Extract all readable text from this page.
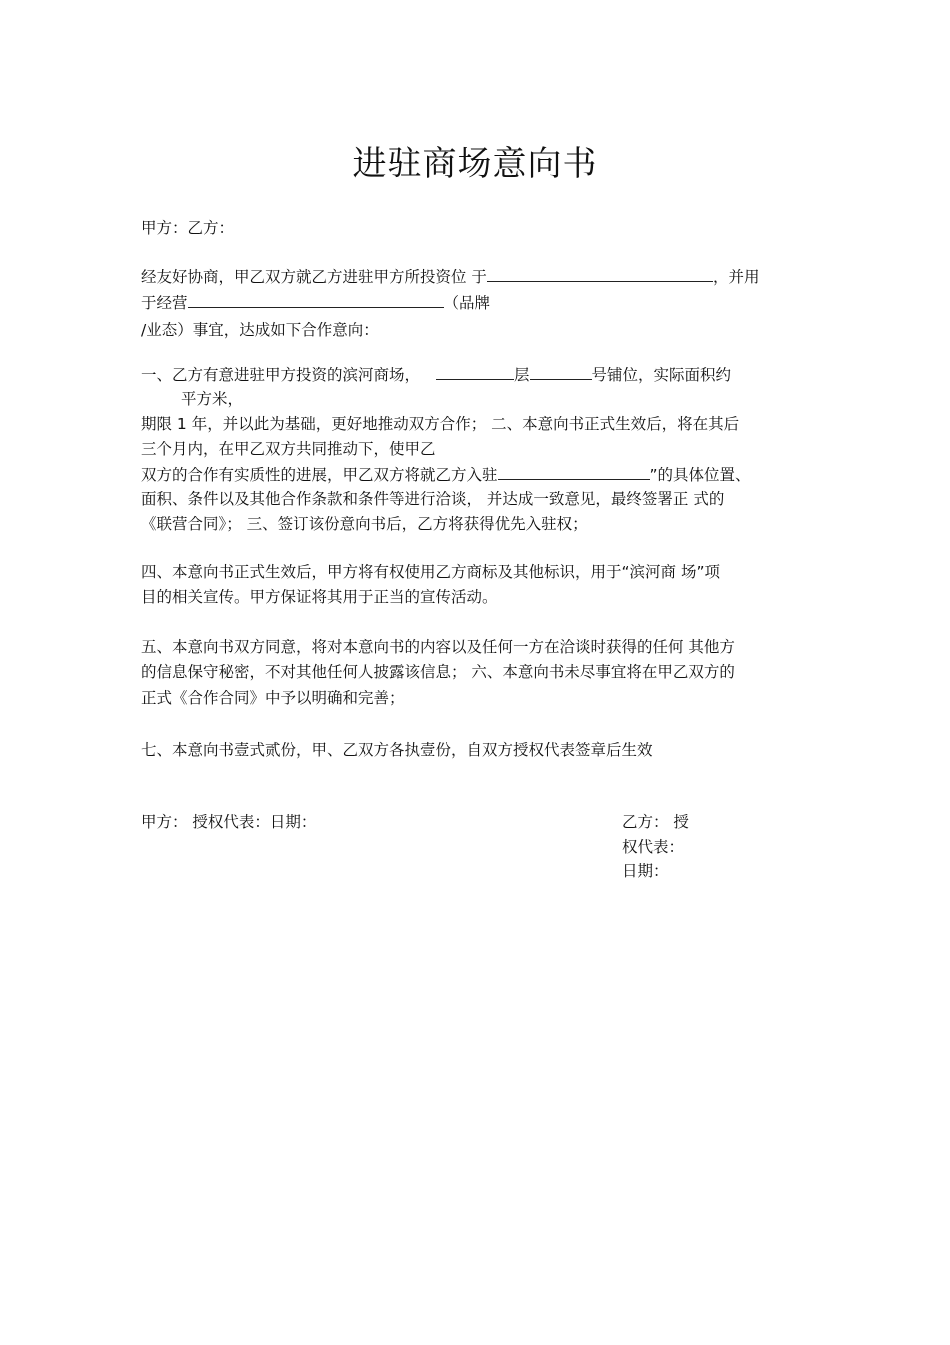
进驻商场意向书
甲方：乙方：
经友好协商，甲乙双方就乙方进驻甲方所投资位 于	，并用
于经营	（品牌
/业态）事宜，达成如下合作意向：
一、乙方有意进驻甲方投资的滨河商场，	层	号铺位，实际面积约
平方米，
期限 1 年，并以此为基础，更好地推动双方合作； 二、本意向书正式生效后，将在其后
三个月内，在甲乙双方共同推动下，使甲乙
双方的合作有实质性的进展，甲乙双方将就乙方入驻	”的具体位置、
面积、条件以及其他合作条款和条件等进行洽谈， 并达成一致意见，最终签署正 式的
《联营合同》； 三、签订该份意向书后，乙方将获得优先入驻权；
四、本意向书正式生效后，甲方将有权使用乙方商标及其他标识，用于“滨河商 场”项
目的相关宣传。甲方保证将其用于正当的宣传活动。
五、本意向书双方同意，将对本意向书的内容以及任何一方在洽谈时获得的任何 其他方
的信息保守秘密，不对其他任何人披露该信息； 六、本意向书未尽事宜将在甲乙双方的
正式《合作合同》中予以明确和完善；
七、本意向书壹式贰份，甲、乙双方各执壹份，自双方授权代表签章后生效
甲方： 授权代表：日期：	乙方： 授
权代表：
日期：
